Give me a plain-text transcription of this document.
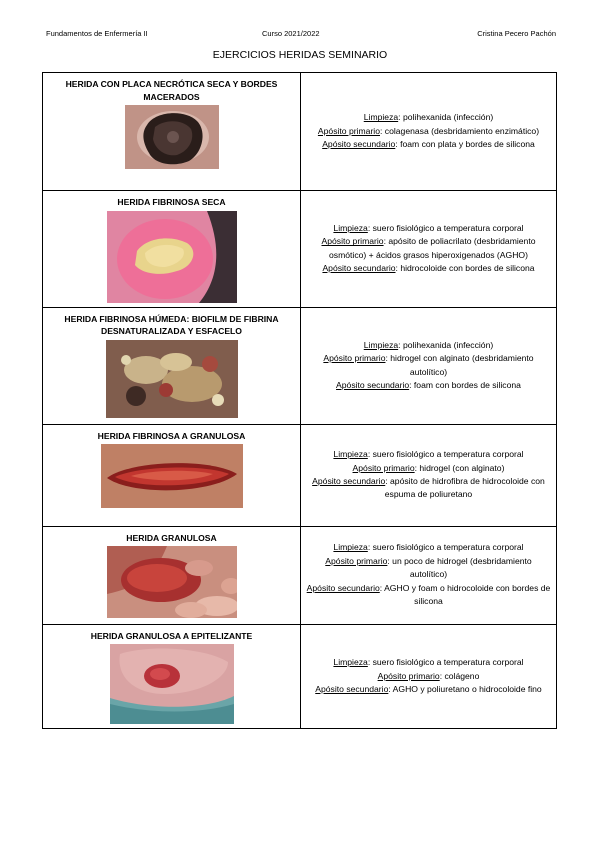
Fundamentos de Enfermería II	Curso 2021/2022	Cristina Pecero Pachón
EJERCICIOS HERIDAS SEMINARIO
HERIDA CON PLACA NECRÓTICA SECA Y BORDES MACERADOS	Limpieza: polihexanida (infección)
Apósito primario: colagenasa (desbridamiento enzimático)
Apósito secundario: foam con plata y bordes de silicona

HERIDA FIBRINOSA SECA	Limpieza: suero fisiológico a temperatura corporal
Apósito primario: apósito de poliacrilato (desbridamiento osmótico) + ácidos grasos hiperoxigenados (AGHO)
Apósito secundario: hidrocoloide con bordes de silicona

HERIDA FIBRINOSA HÚMEDA: BIOFILM DE FIBRINA DESNATURALIZADA Y ESFACELO	Limpieza: polihexanida (infección)
Apósito primario: hidrogel con alginato (desbridamiento autolítico)
Apósito secundario: foam con bordes de silicona

HERIDA FIBRINOSA A GRANULOSA	Limpieza: suero fisiológico a temperatura corporal
Apósito primario: hidrogel (con alginato)
Apósito secundario: apósito de hidrofibra de hidrocoloide con espuma de poliuretano

HERIDA GRANULOSA	Limpieza: suero fisiológico a temperatura corporal
Apósito primario: un poco de hidrogel (desbridamiento autolítico)
Apósito secundario: AGHO y foam o hidrocoloide con bordes de silicona

HERIDA GRANULOSA A EPITELIZANTE	Limpieza: suero fisiológico a temperatura corporal
Apósito primario: colágeno
Apósito secundario: AGHO y poliuretano o hidrocoloide fino
